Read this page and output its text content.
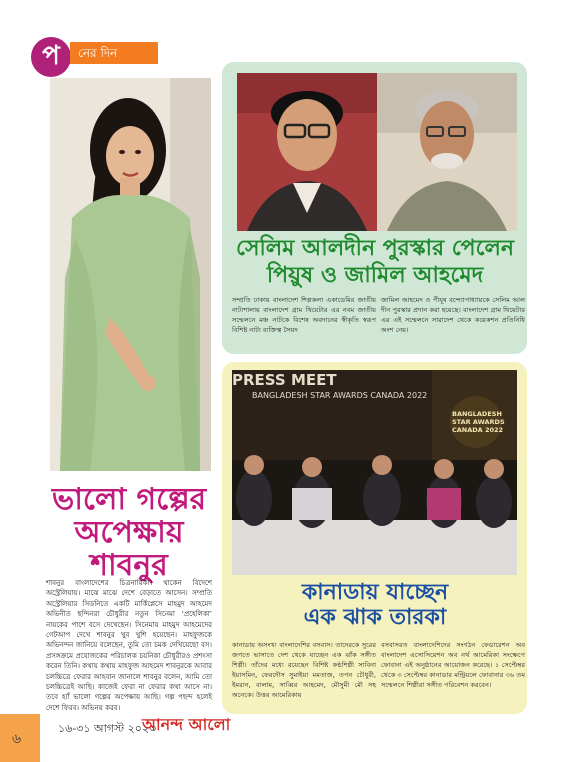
প	নের দিন
ভালো গল্পের
অপেক্ষায়
শাবনুর
শাবনুর বাংলাদেশের চিত্রনায়িকা। থাকেন বিদেশে অস্ট্রেলিয়ায়। মাঝে মাঝে দেশে বেড়াতে আসেন। সম্প্রতি অস্ট্রেলিয়ার সিডনিতে একটি মার্কিপ্লেসে মাহমুদ আহমেদ অভিনীত ছন্দিনরা চৌধুরীর নতুন সিনেমা ‘প্রহেলিকা’ নায়কের পাশে বসে দেখেছেন। সিনেমায় মাহমুদ আহমেদের গেটআপ দেখে শাবনুর খুব খুশি হয়েছেন। মাহফুজকে অভিনন্দন জানিয়ে বলেছেন, তুমি তো চমক দেখিয়েছো বস। প্রসঙ্গক্রমে প্রযোজকের পরিচালক চয়নিকা চৌধুরীরও প্রশংসা করেন তিনি। কথায় কথায় মাহফুজ আহমেদ শাবনুরকে আবার চলচ্চিত্রে ফেরার আহবান জানালে শাবনুর বলেন, আমি তো চলচ্চিত্রেই আছি। কাজেই ফেরা না ফেরার কথা আসে না। তবে হ্যাঁ ভালো গল্পের অপেক্ষায় আছি। গল্প পছন্দ হলেই দেশে ফিরব। অভিনয় করব।
সেলিম আলদীন পুরস্কার পেলেন
পিয়ুষ ও জামিল আহমেদ
সম্প্রতি ঢাকায় বাংলাদেশ শিল্পকলা একাডেমির জাতীয় নাট্যশালায় বাংলাদেশ গ্রাম থিয়েটার এর নবম জাতীয় সম্মেলনে মঞ্চ নাটকে বিশেষ অবদানের স্বীকৃতি স্বরূপ বিশিষ্ট নাট্য ব্যক্তিত্ব সৈয়দ
জামিল আহমেদ ও পীযূষ বন্দ্যোপাধ্যায়কে সেলিম আল দীন পুরস্কার প্রদান করা হয়েছে। বাংলাদেশ গ্রাম থিয়েটার এর এই সম্মেলনে সারাদেশ থেকে কয়েকশন প্রতিনিধি অংশ নেয়।
PRESS MEET
BANGLADESH STAR AWARDS CANADA 2022
BANGLADESH
STAR AWARDS
CANADA 2022
কানাডায় যাচ্ছেন
এক ঝাক তারকা
কানাডায় অসংখ্য বাংলাদেশির বসবাস। তাদেরকে সুরের জগতে ভাসাতে দেশ থেকে যাচ্ছেন এক ঝাঁক সঙ্গীত শিল্পী। তাঁদের মধ্যে রয়েছেন বিশিষ্ট কণ্ঠশিল্পী সাবিনা ইয়াসমিন, ফেরদৌস সুমাইয়া মমতাজ, তপন চৌধুরী, ইমরান, বালাম, সাব্বির আহমেদ, মৌসুমী মৌ সহ অনেকে। উত্তর আমেরিকায়
বসবাসরত বাংলাদেশিদের সংগঠন ফেডারেশন অব বাংলাদেশ এসোসিয়েশন অব নর্থ আমেরিকা সংক্ষেপে ফোবানা এই অনুষ্ঠানের আয়োজন করেছে। ১ সেপ্টেম্বর থেকে ৩ সেপ্টেম্বর কানাডার মন্ট্রিয়লে ফোবানার ৩৬ তম সম্মেলনে শিল্পীরা সঙ্গীত পরিবেশন করবেন।
৬
১৬-৩১ আগস্ট ২০২৩
আনন্দ আলো
